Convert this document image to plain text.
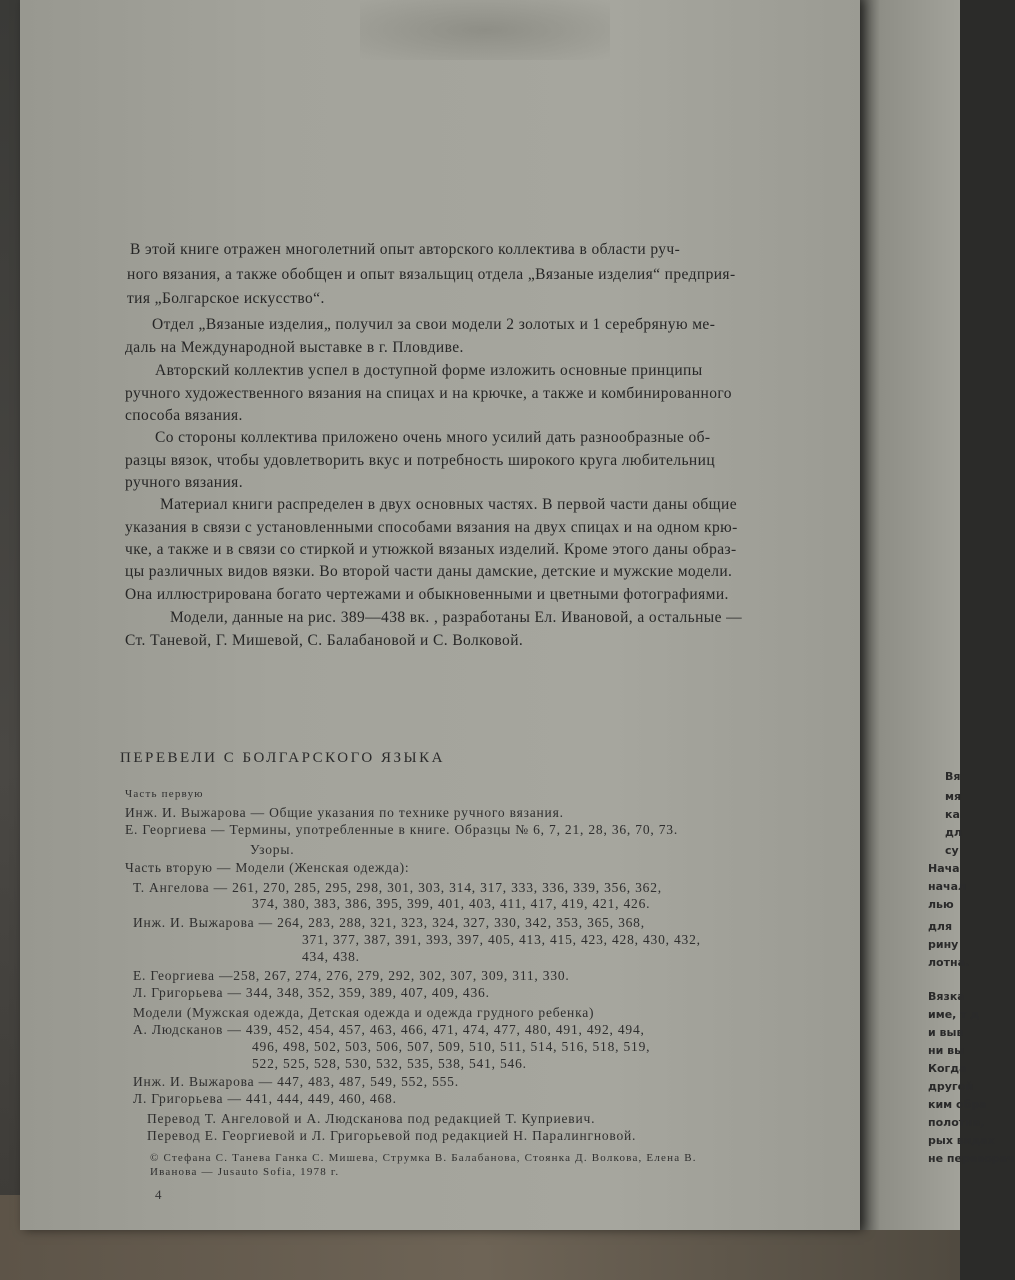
Вя
мя
ка
дл
су
Нача
начал
лью
для
рину
лотна.
Вязка
име, т д
и выв
ни вы
Когда
другой
ким обра
полотна,
рых видах
не переворач
В этой книге отражен многолетний опыт авторского коллектива в области руч-
ного вязания, а также обобщен и опыт вязальщиц отдела „Вязаные изделия“ предприя-
тия „Болгарское искусство“.
Отдел „Вязаные изделия„ получил за свои модели 2 золотых и 1 серебряную ме-
даль на Международной выставке в г. Пловдиве.
Авторский коллектив успел в доступной форме изложить основные принципы
ручного художественного вязания на спицах и на крючке, а также и комбинированного
способа вязания.
Со стороны коллектива приложено очень много усилий дать разнообразные об-
разцы вязок, чтобы удовлетворить вкус и потребность широкого круга любительниц
ручного вязания.
Материал книги распределен в двух основных частях. В первой части даны общие
указания в связи с установленными способами вязания на двух спицах и на одном крю-
чке, а также и в связи со стиркой и утюжкой вязаных изделий. Кроме этого даны образ-
цы различных видов вязки. Во второй части даны дамские, детские и мужские модели.
Она иллюстрирована богато чертежами и обыкновенными и цветными фотографиями.
Модели, данные на рис. 389—438 вк. , разработаны Ел. Ивановой, а остальные —
Ст. Таневой, Г. Мишевой, С. Балабановой и С. Волковой.
ПЕРЕВЕЛИ С БОЛГАРСКОГО ЯЗЫКА
Часть первую
Инж. И. Выжарова — Общие указания по технике ручного вязания.
Е. Георгиева — Термины, употребленные в книге. Образцы № 6, 7, 21, 28, 36, 70, 73.
Узоры.
Часть вторую — Модели (Женская одежда):
Т. Ангелова — 261, 270, 285, 295, 298, 301, 303, 314, 317, 333, 336, 339, 356, 362,
374, 380, 383, 386, 395, 399, 401, 403, 411, 417, 419, 421, 426.
Инж. И. Выжарова — 264, 283, 288, 321, 323, 324, 327, 330, 342, 353, 365, 368,
371, 377, 387, 391, 393, 397, 405, 413, 415, 423, 428, 430, 432,
434, 438.
Е. Георгиева —258, 267, 274, 276, 279, 292, 302, 307, 309, 311, 330.
Л. Григорьева — 344, 348, 352, 359, 389, 407, 409, 436.
Модели (Мужская одежда, Детская одежда и одежда грудного ребенка)
А. Людсканов — 439, 452, 454, 457, 463, 466, 471, 474, 477, 480, 491, 492, 494,
496, 498, 502, 503, 506, 507, 509, 510, 511, 514, 516, 518, 519,
522, 525, 528, 530, 532, 535, 538, 541, 546.
Инж. И. Выжарова — 447, 483, 487, 549, 552, 555.
Л. Григорьева — 441, 444, 449, 460, 468.
Перевод Т. Ангеловой и А. Людсканова под редакцией Т. Куприевич.
Перевод Е. Георгиевой и Л. Григорьевой под редакцией Н. Паралингновой.
© Стефана С. Танева Ганка С. Мишева, Струмка В. Балабанова, Стоянка Д. Волкова, Елена В.
Иванова — Jusauto Sofia, 1978 г.
4
